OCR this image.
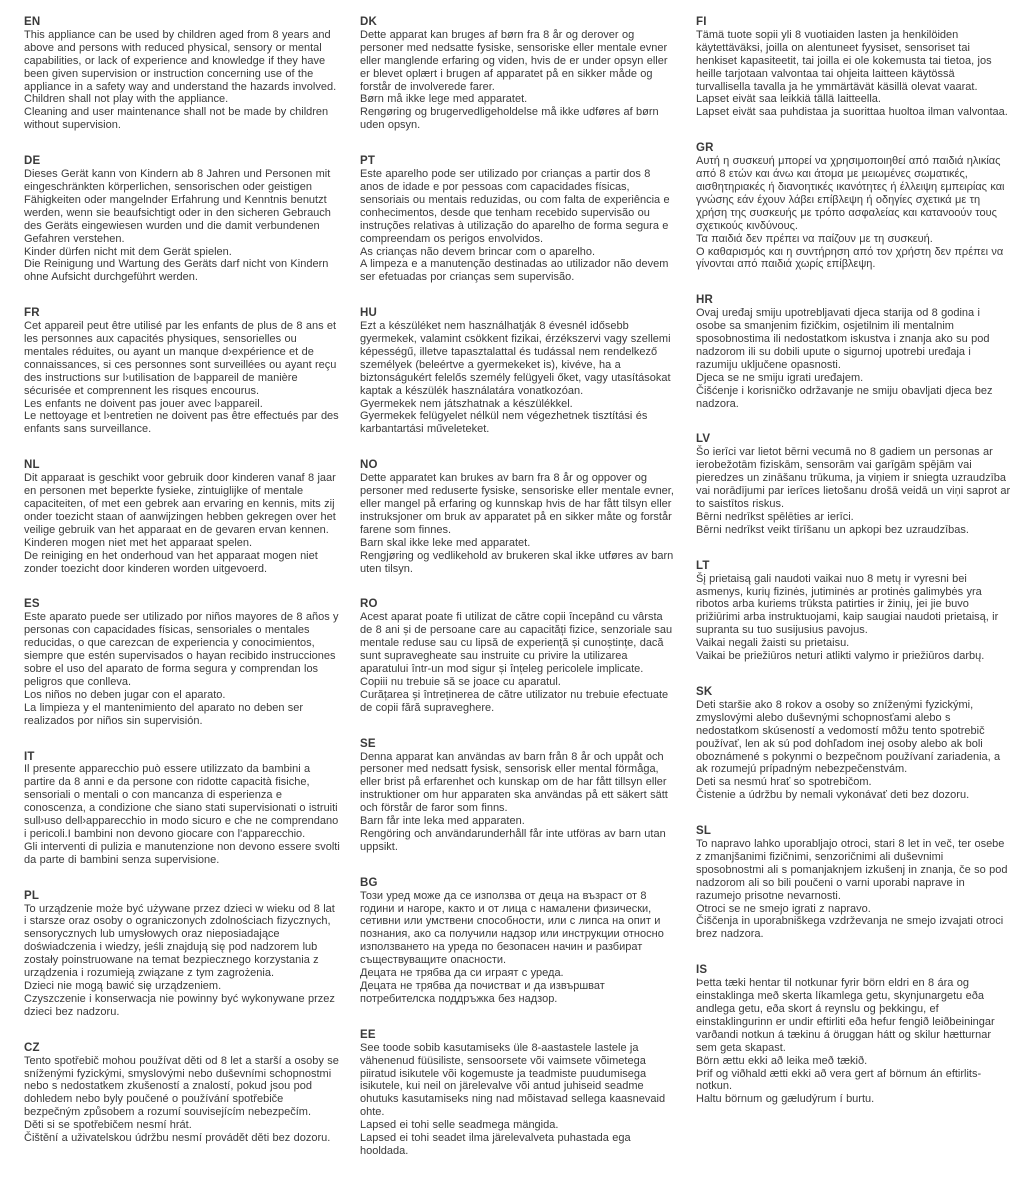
EN

This appliance can be used by children aged from 8 years and above and persons with reduced physical, sensory or mental capabilities, or lack of experience and knowledge if they have been given supervision or instruction concerning use of the appliance in a safety way and understand the hazards involved.

Children shall not play with the appliance.

Cleaning and user maintenance shall not be made by children without supervision.

DE

Dieses Gerät kann von Kindern ab 8 Jahren und Personen mit eingeschränkten körperlichen, sensorischen oder geistigen Fähigkeiten oder mangelnder Erfahrung und Kenntnis benutzt werden, wenn sie beaufsichtigt oder in den sicheren Gebrauch des Geräts eingewiesen wurden und die damit verbundenen Gefahren verstehen.

Kinder dürfen nicht mit dem Gerät spielen.

Die Reinigung und Wartung des Geräts darf nicht von Kindern ohne Aufsicht durchgeführt werden.

FR

Cet appareil peut être utilisé par les enfants de plus de 8 ans et les personnes aux capacités physiques, sensorielles ou mentales réduites, ou ayant un manque d›expérience et de connaissances, si ces personnes sont surveillées ou ayant reçu des instructions sur l›utilisation de l›appareil de manière sécurisée et comprennent les risques encourus.

Les enfants ne doivent pas jouer avec l›appareil.

Le nettoyage et l›entretien ne doivent pas être effectués par des enfants sans surveillance.

NL

Dit apparaat is geschikt voor gebruik door kinderen vanaf 8 jaar en personen met beperkte fysieke, zintuiglijke of mentale capaciteiten, of met een gebrek aan ervaring en kennis, mits zij onder toezicht staan of aanwijzingen hebben gekregen over het veilige gebruik van het apparaat en de gevaren ervan kennen.

Kinderen mogen niet met het apparaat spelen.

De reiniging en het onderhoud van het apparaat mogen niet zonder toezicht door kinderen worden uitgevoerd.

ES

Este aparato puede ser utilizado por niños mayores de 8 años y personas con capacidades físicas, sensoriales o mentales reducidas, o que carezcan de experiencia y conocimientos, siempre que estén supervisados o hayan recibido instrucciones sobre el uso del aparato de forma segura y comprendan los peligros que conlleva.

Los niños no deben jugar con el aparato.

La limpieza y el mantenimiento del aparato no deben ser realizados por niños sin supervisión.

IT

Il presente apparecchio può essere utilizzato da bambini a partire da 8 anni e da persone con ridotte capacità fisiche, sensoriali o mentali o con mancanza di esperienza e conoscenza, a condizione che siano stati supervisionati o istruiti sull›uso dell›apparecchio in modo sicuro e che ne comprendano i pericoli.I bambini non devono giocare con l'apparecchio.

Gli interventi di pulizia e manutenzione non devono essere svolti da parte di bambini senza supervisione.

PL

To urządzenie może być używane przez dzieci w wieku od 8 lat i starsze oraz osoby o ograniczonych zdolnościach fizycznych, sensorycznych lub umysłowych oraz nieposiadające doświadczenia i wiedzy, jeśli znajdują się pod nadzorem lub zostały poinstruowane na temat bezpiecznego korzystania z urządzenia i rozumieją związane z tym zagrożenia.

Dzieci nie mogą bawić się urządzeniem.

Czyszczenie i konserwacja nie powinny być wykonywane przez dzieci bez nadzoru.

CZ

Tento spotřebič mohou používat děti od 8 let a starší a osoby se sníženými fyzickými, smyslovými nebo duševními schopnostmi nebo s nedostatkem zkušeností a znalostí, pokud jsou pod dohledem nebo byly poučené o používání spotřebiče bezpečným způsobem a rozumí souvisejícím nebezpečím.

Děti si se spotřebičem nesmí hrát.

Čištění a uživatelskou údržbu nesmí provádět děti bez dozoru.

DK

Dette apparat kan bruges af børn fra 8 år og derover og personer med nedsatte fysiske, sensoriske eller mentale evner eller manglende erfaring og viden, hvis de er under opsyn eller er blevet oplært i brugen af apparatet på en sikker måde og forstår de involverede farer.

Børn må ikke lege med apparatet.

Rengøring og brugervedligeholdelse må ikke udføres af børn uden opsyn.

PT

Este aparelho pode ser utilizado por crianças a partir dos 8 anos de idade e por pessoas com capacidades físicas, sensoriais ou mentais reduzidas, ou com falta de experiência e conhecimentos, desde que tenham recebido supervisão ou instruções relativas à utilização do aparelho de forma segura e compreendam os perigos envolvidos.

As crianças não devem brincar com o aparelho.

A limpeza e a manutenção destinadas ao utilizador não devem ser efetuadas por crianças sem supervisão.

HU

Ezt a készüléket nem használhatják 8 évesnél idősebb gyermekek, valamint csökkent fizikai, érzékszervi vagy szellemi képességű, illetve tapasztalattal és tudással nem rendelkező személyek (beleértve a gyermekeket is), kivéve, ha a biztonságukért felelős személy felügyeli őket, vagy utasításokat kaptak a készülék használatára vonatkozóan.

Gyermekek nem játszhatnak a készülékkel.

Gyermekek felügyelet nélkül nem végezhetnek tisztítási és karbantartási műveleteket.

NO

Dette apparatet kan brukes av barn fra 8 år og oppover og personer med reduserte fysiske, sensoriske eller mentale evner, eller mangel på erfaring og kunnskap hvis de har fått tilsyn eller instruksjoner om bruk av apparatet på en sikker måte og forstår farene som finnes.

Barn skal ikke leke med apparatet.

Rengjøring og vedlikehold av brukeren skal ikke utføres av barn uten tilsyn.

RO

Acest aparat poate fi utilizat de către copii începând cu vârsta de 8 ani și de persoane care au capacități fizice, senzoriale sau mentale reduse sau cu lipsă de experiență și cunoștințe, dacă sunt supravegheate sau instruite cu privire la utilizarea aparatului într-un mod sigur și înțeleg pericolele implicate.

Copiii nu trebuie să se joace cu aparatul.

Curățarea și întreținerea de către utilizator nu trebuie efectuate de copii fără supraveghere.

SE

Denna apparat kan användas av barn från 8 år och uppåt och personer med nedsatt fysisk, sensorisk eller mental förmåga, eller brist på erfarenhet och kunskap om de har fått tillsyn eller instruktioner om hur apparaten ska användas på ett säkert sätt och förstår de faror som finns.

Barn får inte leka med apparaten.

Rengöring och användarunderhåll får inte utföras av barn utan uppsikt.

BG

Този уред може да се използва от деца на възраст от 8 години и нагоре, както и от лица с намалени физически, сетивни или умствени способности, или с липса на опит и познания, ако са получили надзор или инструкции относно използването на уреда по безопасен начин и разбират съществуващите опасности.

Децата не трябва да си играят с уреда.

Децата не трябва да почистват и да извършват потребителска поддръжка без надзор.

EE

See toode sobib kasutamiseks üle 8-aastastele lastele ja vähenenud füüsiliste, sensoorsete või vaimsete võimetega piiratud isikutele või kogemuste ja teadmiste puudumisega isikutele, kui neil on järelevalve või antud juhiseid seadme ohutuks kasutamiseks ning nad mõistavad sellega kaasnevaid ohte.

Lapsed ei tohi selle seadmega mängida.

Lapsed ei tohi seadet ilma järelevalveta puhastada ega hooldada.

FI

Tämä tuote sopii yli 8 vuotiaiden lasten ja henkilöiden käytettäväksi, joilla on alentuneet fyysiset, sensoriset tai henkiset kapasiteetit, tai joilla ei ole kokemusta tai tietoa, jos heille tarjotaan valvontaa tai ohjeita laitteen käytössä turvallisella tavalla ja he ymmärtävät käsillä olevat vaarat.

Lapset eivät saa leikkiä tällä laitteella.

Lapset eivät saa puhdistaa ja suorittaa huoltoa ilman valvontaa.

GR

Αυτή η συσκευή μπορεί να χρησιμοποιηθεί από παιδιά ηλικίας από 8 ετών και άνω και άτομα με μειωμένες σωματικές, αισθητηριακές ή διανοητικές ικανότητες ή έλλειψη εμπειρίας και γνώσης εάν έχουν λάβει επίβλεψη ή οδηγίες σχετικά με τη χρήση της συσκευής με τρόπο ασφαλείας και κατανοούν τους σχετικούς κινδύνους.

Τα παιδιά δεν πρέπει να παίζουν με τη συσκευή.

Ο καθαρισμός και η συντήρηση από τον χρήστη δεν πρέπει να γίνονται από παιδιά χωρίς επίβλεψη.

HR

Ovaj uređaj smiju upotrebljavati djeca starija od 8 godina i osobe sa smanjenim fizičkim, osjetilnim ili mentalnim sposobnostima ili nedostatkom iskustva i znanja ako su pod nadzorom ili su dobili upute o sigurnoj upotrebi uređaja i razumiju uključene opasnosti.

Djeca se ne smiju igrati uređajem.

Čišćenje i korisničko održavanje ne smiju obavljati djeca bez nadzora.

LV

Šo ierīci var lietot bērni vecumā no 8 gadiem un personas ar ierobežotām fiziskām, sensorām vai garīgām spējām vai pieredzes un zināšanu trūkuma, ja viņiem ir sniegta uzraudzība vai norādījumi par ierīces lietošanu drošā veidā un viņi saprot ar to saistītos riskus.

Bērni nedrīkst spēlēties ar ierīci.

Bērni nedrīkst veikt tīrīšanu un apkopi bez uzraudzības.

LT

Šį prietaisą gali naudoti vaikai nuo 8 metų ir vyresni bei asmenys, kurių fizinės, jutiminės ar protinės galimybės yra ribotos arba kuriems trūksta patirties ir žinių, jei jie buvo prižiūrimi arba instruktuojami, kaip saugiai naudoti prietaisą, ir supranta su tuo susijusius pavojus.

Vaikai negali žaisti su prietaisu.

Vaikai be priežiūros neturi atlikti valymo ir priežiūros darbų.

SK

Deti staršie ako 8 rokov a osoby so zníženými fyzickými, zmyslovými alebo duševnými schopnosťami alebo s nedostatkom skúseností a vedomostí môžu tento spotrebič používať, len ak sú pod dohľadom inej osoby alebo ak boli oboznámené s pokynmi o bezpečnom používaní zariadenia, a ak rozumejú prípadným nebezpečenstvám.

Deti sa nesmú hrať so spotrebičom.

Čistenie a údržbu by nemali vykonávať deti bez dozoru.

SL

To napravo lahko uporabljajo otroci, stari 8 let in več, ter osebe z zmanjšanimi fizičnimi, senzoričnimi ali duševnimi sposobnostmi ali s pomanjaknjem izkušenj in znanja, če so pod nadzorom ali so bili poučeni o varni uporabi naprave in razumejo prisotne nevarnosti.

Otroci se ne smejo igrati z napravo.

Čiščenja in uporabniškega vzdrževanja ne smejo izvajati otroci brez nadzora.

IS

Þetta tæki hentar til notkunar fyrir börn eldri en 8 ára og einstaklinga með skerta líkamlega getu, skynjunargetu eða andlega getu, eða skort á reynslu og þekkingu, ef einstaklingurinn er undir eftirliti eða hefur fengið leiðbeiningar varðandi notkun á tækinu á öruggan hátt og skilur hætturnar sem geta skapast.

Börn ættu ekki að leika með tækið.

Þrif og viðhald ætti ekki að vera gert af börnum án eftirlits-notkun.

Haltu börnum og gæludýrum í burtu.
